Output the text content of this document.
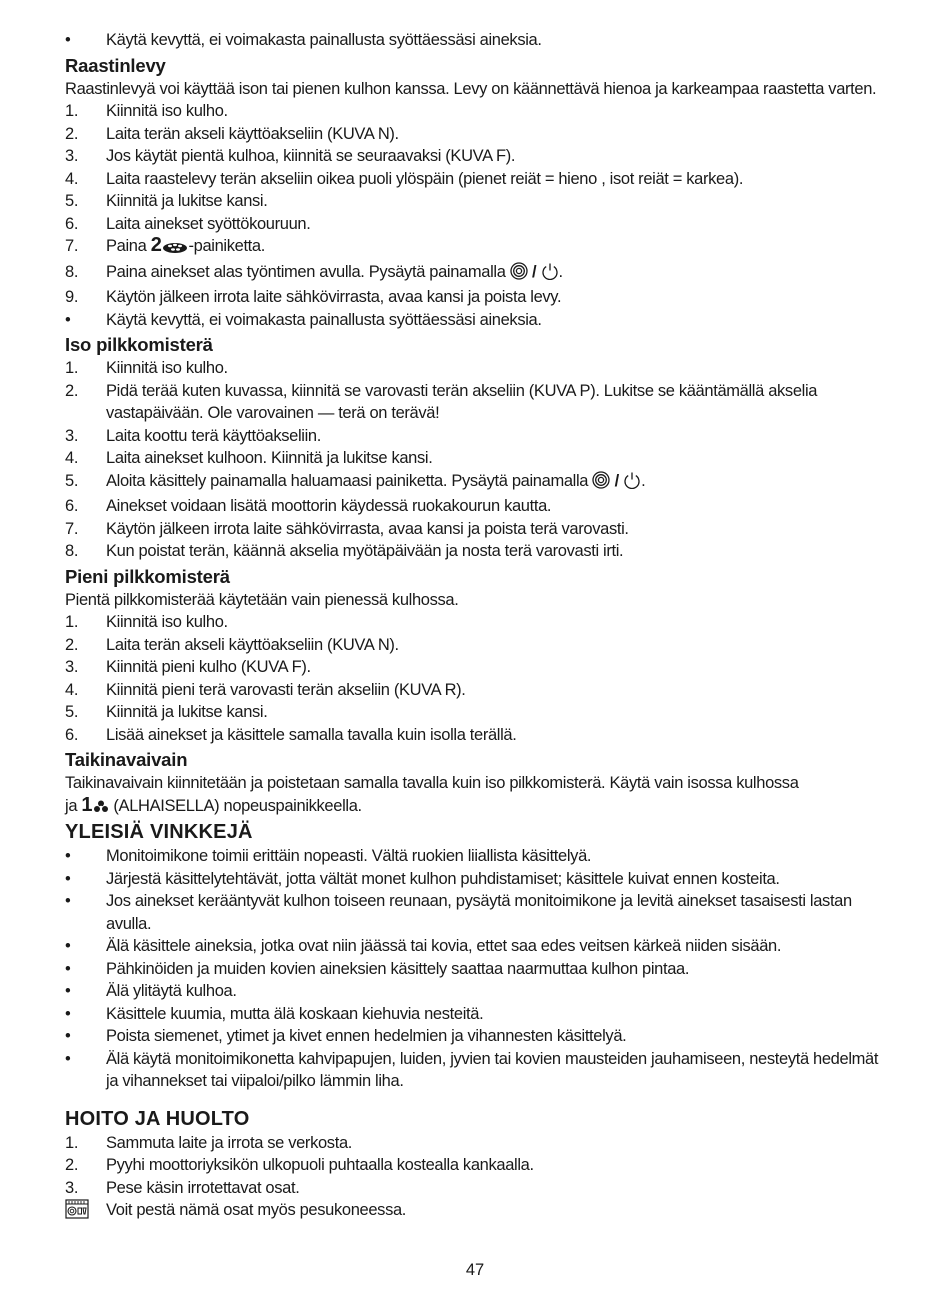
•	Käytä kevyttä, ei voimakasta painallusta syöttäessäsi aineksia.
Raastinlevy
Raastinlevyä voi käyttää ison tai pienen kulhon kanssa. Levy on käännettävä hienoa ja karkeampaa raastetta varten.
1.	Kiinnitä iso kulho.
2.	Laita terän akseli käyttöakseliin (KUVA N).
3.	Jos käytät pientä kulhoa, kiinnitä se seuraavaksi (KUVA F).
4.	Laita raastelevy terän akseliin oikea puoli ylöspäin (pienet reiät = hieno , isot reiät = karkea).
5.	Kiinnitä ja lukitse kansi.
6.	Laita ainekset syöttökouruun.
7.	Paina 2 -painiketta.
8.	Paina ainekset alas työntimen avulla. Pysäytä painamalla / .
9.	Käytön jälkeen irrota laite sähkövirrasta, avaa kansi ja poista levy.
•	Käytä kevyttä, ei voimakasta painallusta syöttäessäsi aineksia.
Iso pilkkomisterä
1.	Kiinnitä iso kulho.
2.	Pidä terää kuten kuvassa, kiinnitä se varovasti terän akseliin (KUVA P). Lukitse se kääntämällä akselia vastapäivään. Ole varovainen — terä on terävä!
3.	Laita koottu terä käyttöakseliin.
4.	Laita ainekset kulhoon. Kiinnitä ja lukitse kansi.
5.	Aloita käsittely painamalla haluamaasi painiketta. Pysäytä painamalla / .
6.	Ainekset voidaan lisätä moottorin käydessä ruokakourun kautta.
7.	Käytön jälkeen irrota laite sähkövirrasta, avaa kansi ja poista terä varovasti.
8.	Kun poistat terän, käännä akselia myötäpäivään ja nosta terä varovasti irti.
Pieni pilkkomisterä
Pientä pilkkomisterää käytetään vain pienessä kulhossa.
1.	Kiinnitä iso kulho.
2.	Laita terän akseli käyttöakseliin (KUVA N).
3.	Kiinnitä pieni kulho (KUVA F).
4.	Kiinnitä pieni terä varovasti terän akseliin (KUVA R).
5.	Kiinnitä ja lukitse kansi.
6.	Lisää ainekset ja käsittele samalla tavalla kuin isolla terällä.
Taikinavaivain
Taikinavaivain kiinnitetään ja poistetaan samalla tavalla kuin iso pilkkomisterä. Käytä vain isossa kulhossa
ja 1 (ALHAISELLA) nopeuspainikkeella.
YLEISIÄ VINKKEJÄ
•	Monitoimikone toimii erittäin nopeasti. Vältä ruokien liiallista käsittelyä.
•	Järjestä käsittelytehtävät, jotta vältät monet kulhon puhdistamiset; käsittele kuivat ennen kosteita.
•	Jos ainekset kerääntyvät kulhon toiseen reunaan, pysäytä monitoimikone ja levitä ainekset tasaisesti lastan avulla.
•	Älä käsittele aineksia, jotka ovat niin jäässä tai kovia, ettet saa edes veitsen kärkeä niiden sisään.
•	Pähkinöiden ja muiden kovien aineksien käsittely saattaa naarmuttaa kulhon pintaa.
•	Älä ylitäytä kulhoa.
•	Käsittele kuumia, mutta älä koskaan kiehuvia nesteitä.
•	Poista siemenet, ytimet ja kivet ennen hedelmien ja vihannesten käsittelyä.
•	Älä käytä monitoimikonetta kahvipapujen, luiden, jyvien tai kovien mausteiden jauhamiseen, nesteytä hedelmät ja vihannekset tai viipaloi/pilko lämmin liha.
HOITO JA HUOLTO
1.	Sammuta laite ja irrota se verkosta.
2.	Pyyhi moottoriyksikön ulkopuoli puhtaalla kostealla kankaalla.
3.	Pese käsin irrotettavat osat.
Voit pestä nämä osat myös pesukoneessa.
47
